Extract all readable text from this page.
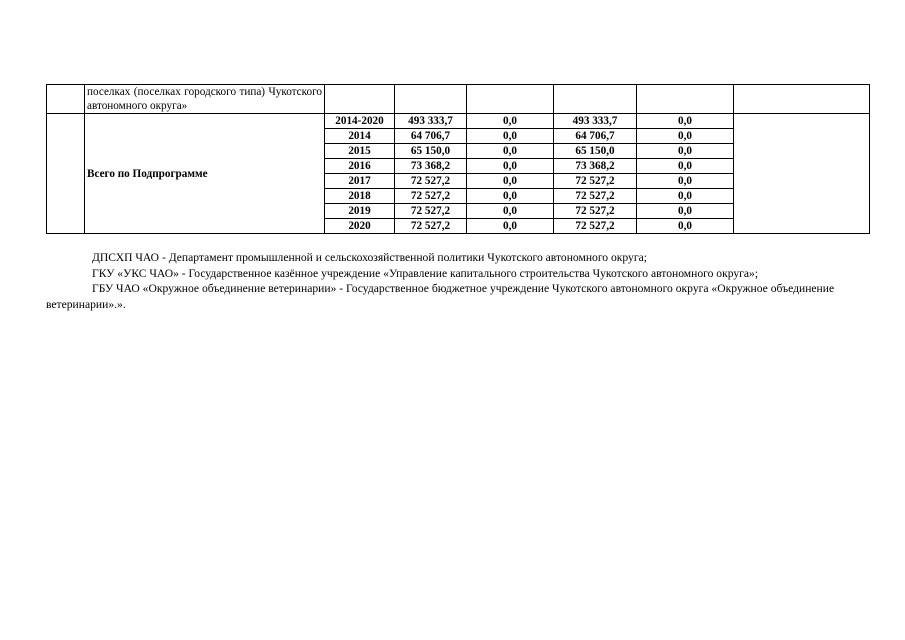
	поселках (поселках городского типа) Чукотского автономного округа»						
	Всего по Подпрограмме	2014-2020	493 333,7	0,0	493 333,7	0,0	
		2014	64 706,7	0,0	64 706,7	0,0	
		2015	65 150,0	0,0	65 150,0	0,0	
		2016	73 368,2	0,0	73 368,2	0,0	
		2017	72 527,2	0,0	72 527,2	0,0	
		2018	72 527,2	0,0	72 527,2	0,0	
		2019	72 527,2	0,0	72 527,2	0,0	
		2020	72 527,2	0,0	72 527,2	0,0	

ДПСХП ЧАО - Департамент промышленной и сельскохозяйственной политики Чукотского автономного округа;

ГКУ «УКС ЧАО» - Государственное казённое учреждение «Управление капитального строительства Чукотского автономного округа»;

ГБУ ЧАО «Окружное объединение ветеринарии» - Государственное бюджетное учреждение Чукотского автономного округа «Окружное объединение ветеринарии».».
